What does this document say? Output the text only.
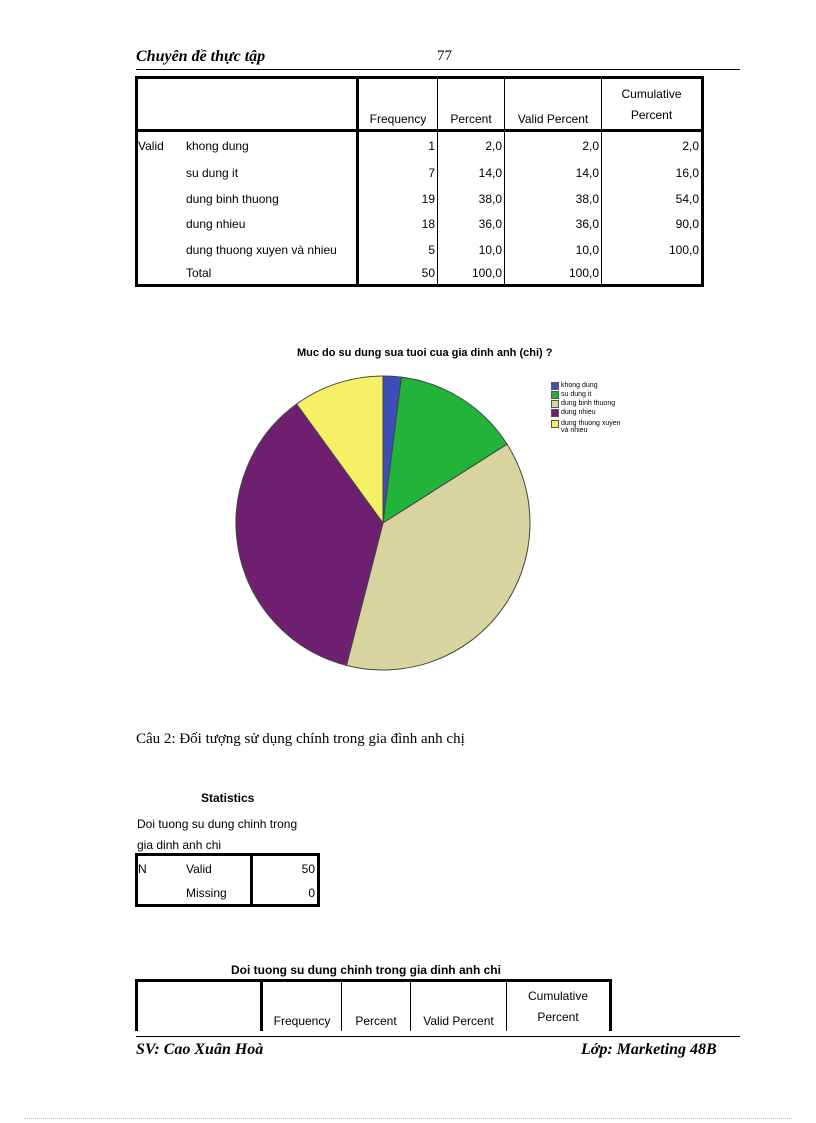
Chuyên đề thực tập	77
		Frequency	Percent	Valid Percent	Cumulative
Percent
Valid	khong dung	1	2,0	2,0	2,0
	su dung it	7	14,0	14,0	16,0
	dung binh thuong	19	38,0	38,0	54,0
	dung nhieu	18	36,0	36,0	90,0
	dung thuong xuyen và nhieu	5	10,0	10,0	100,0
	Total	50	100,0	100,0	
Muc do su dung sua tuoi cua gia dinh anh (chi) ?
khong dung
su dung it
dung binh thuong
dung nhieu
dung thuong xuyen và nhieu
Câu 2: Đối tượng sử dụng chính trong gia đình anh chị
Statistics
Doi tuong su dung chinh trong
gia dinh anh chi
N	Valid	50
	Missing	0
Doi tuong su dung chinh trong gia dinh anh chi
	Frequency	Percent	Valid Percent	Cumulative
Percent
SV: Cao Xuân Hoà	Lớp: Marketing 48B
